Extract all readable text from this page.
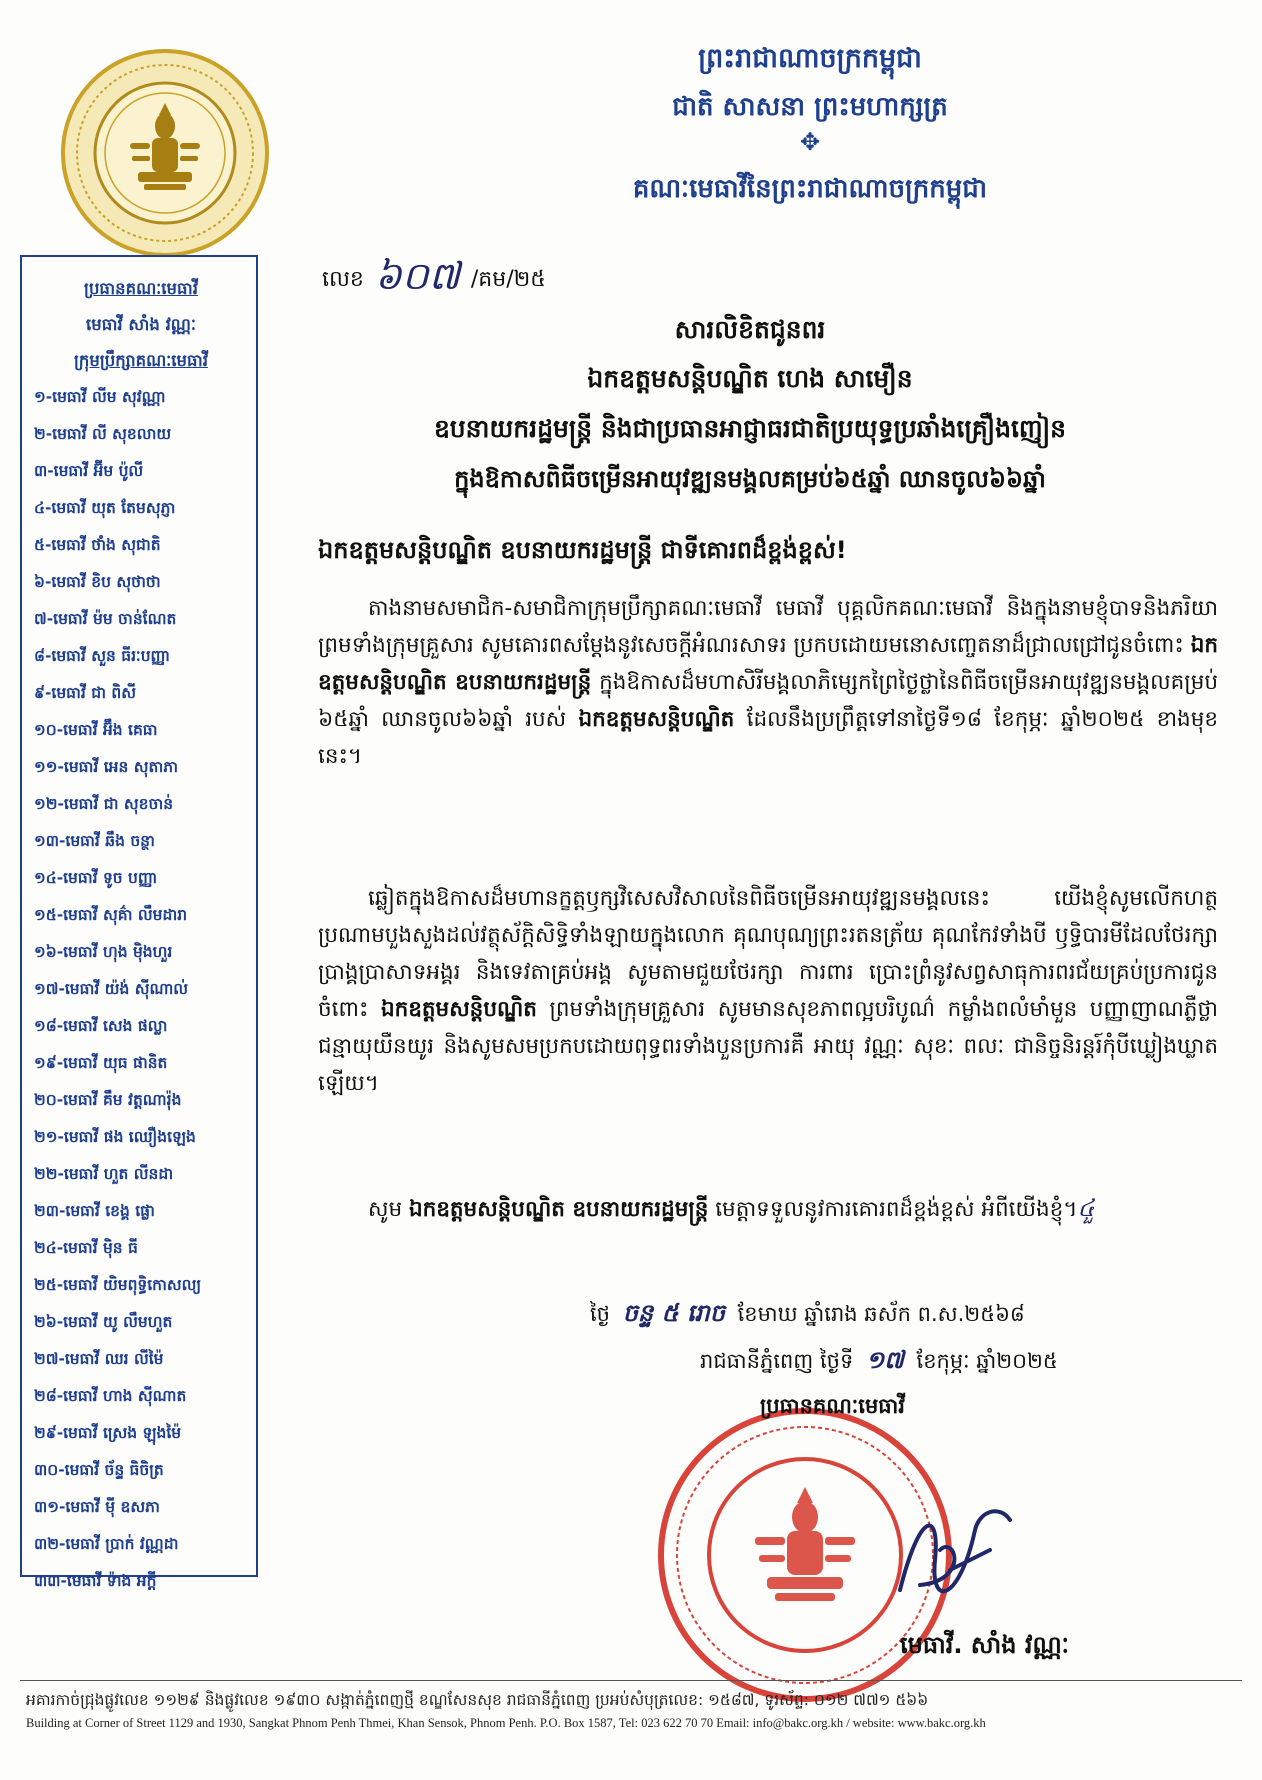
ព្រះរាជាណាចក្រកម្ពុជា
ជាតិ សាសនា ព្រះមហាក្សត្រ
✥
គណៈមេធាវីនៃព្រះរាជាណាចក្រកម្ពុជា
ប្រធានគណៈមេធាវី
មេធាវី សាំង វណ្ណៈ
ក្រុមប្រឹក្សាគណៈមេធាវី
១-មេធាវី លីម សុវណ្ណា
២-មេធាវី លី សុខលាយ
៣-មេធាវី អ៊ីម ប៉ូលី
៤-មេធាវី យុត តែមសុភ្ញា
៥-មេធាវី ថាំង សុជាតិ
៦-មេធាវី ខិប សុថាថា
៧-មេធាវី ម៉ម ចាន់ណែត
៨-មេធាវី សួន ធីរៈបញ្ញា
៩-មេធាវី ជា ពិសី
១០-មេធាវី អ៊ឹង គេធា
១១-មេធាវី អេន សុតាភា
១២-មេធាវី ជា សុខចាន់
១៣-មេធាវី ឆឹង ចន្ថា
១៤-មេធាវី ទូច បញ្ញា
១៥-មេធាវី សុគ៌ា លឹមដារា
១៦-មេធាវី ហុង ម៉ិងហួរ
១៧-មេធាវី យ៉ង់ ស៊ីណាល់
១៨-មេធាវី សេង ផល្លា
១៩-មេធាវី យុធ ផានិត
២០-មេធាវី គឹម វត្តណារ៉ុង
២១-មេធាវី ផង ឈឿងឡេង
២២-មេធាវី ហួត លីនដា
២៣-មេធាវី ខេង្គ ផ្លោ
២៤-មេធាវី ម៉ិន ធី
២៥-មេធាវី យិមពុទ្ធិកោសល្យ
២៦-មេធាវី យូ លឹមហួត
២៧-មេធាវី ឈរ លីម៉ៃ
២៨-មេធាវី ហាង ស៊ីណាត
២៩-មេធាវី ស្រេង ឡុងម៉ៃ
៣០-មេធាវី ច័ន្ទ ធិចិត្រ
៣១-មេធាវី ម៉ី ឧសភា
៣២-មេធាវី ប្រាក់ វណ្ណដា
៣៣-មេធាវី ទ៉ាង អក្តី
លេខ ៦០៧ /គម/២៥
សារលិខិតជូនពរ
ឯកឧត្តមសន្តិបណ្ឌិត ហេង សាមឿន
ឧបនាយករដ្ឋមន្ត្រី និងជាប្រធានអាជ្ញាធរជាតិប្រយុទ្ធប្រឆាំងគ្រឿងញៀន
ក្នុងឱកាសពិធីចម្រើនអាយុវឌ្ឍនមង្គលគម្រប់៦៥ឆ្នាំ ឈានចូល៦៦ឆ្នាំ
ឯកឧត្តមសន្តិបណ្ឌិត ឧបនាយករដ្ឋមន្ត្រី ជាទីគោរពដ៏ខ្ពង់ខ្ពស់!
តាងនាមសមាជិក-សមាជិកាក្រុមប្រឹក្សាគណៈមេធាវី មេធាវី បុគ្គលិកគណៈមេធាវី និងក្នុងនាមខ្ញុំបាទនិងភរិយា ព្រមទាំងក្រុមគ្រួសារ សូមគោរពសម្តែងនូវសេចក្តីអំណរសាទរ ប្រកបដោយមនោសញ្ចេតនាដ៏ជ្រាលជ្រៅជូនចំពោះ ឯកឧត្តមសន្តិបណ្ឌិត ឧបនាយករដ្ឋមន្ត្រី ក្នុងឱកាសដ៏មហាសិរីមង្គលាភិម្សេកព្រៃថ្ងៃថ្លានៃពិធីចម្រើនអាយុវឌ្ឍនមង្គលគម្រប់ ៦៥ឆ្នាំ ឈានចូល៦៦ឆ្នាំ របស់ ឯកឧត្តមសន្តិបណ្ឌិត ដែលនឹងប្រព្រឹត្តទៅនាថ្ងៃទី១៨ ខែកុម្ភៈ ឆ្នាំ២០២៥ ខាងមុខនេះ។
ឆ្លៀតក្នុងឱកាសដ៏មហានក្ខត្តឫក្សវិសេសវិសាលនៃពិធីចម្រើនអាយុវឌ្ឍនមង្គលនេះ យើងខ្ញុំសូមលើកហត្ថប្រណាមបួងសួងដល់វត្ថុស័ក្តិសិទ្ធិទាំងឡាយក្នុងលោក គុណបុណ្យព្រះរតនត្រ័យ គុណកែវទាំងបី ឫទ្ធិបារមីដែលថែរក្សាប្រាង្គប្រាសាទអង្គរ និងទេវតាគ្រប់អង្គ សូមតាមជួយថែរក្សា ការពារ ប្រោះព្រំនូវសព្វសាធុការពរជ័យគ្រប់ប្រការជូនចំពោះ ឯកឧត្តមសន្តិបណ្ឌិត ព្រមទាំងក្រុមគ្រួសារ សូមមានសុខភាពល្អបរិបូណ៌ កម្លាំងពលំមាំមួន បញ្ញាញាណភ្លឺថ្លា ជន្មាយុយឺនយូរ និងសូមសមប្រកបដោយពុទ្ធពរទាំងបួនប្រការគឺ អាយុ វណ្ណៈ សុខៈ ពលៈ ជានិច្ចនិរន្តរ៍កុំបីឃ្លៀងឃ្លាតឡើយ។
សូម ឯកឧត្តមសន្តិបណ្ឌិត ឧបនាយករដ្ឋមន្ត្រី មេត្តាទទួលនូវការគោរពដ៏ខ្ពង់ខ្ពស់ អំពីយើងខ្ញុំ។៤ួ
ថ្ងៃ ចន្ទ ៥ រោច ខែមាឃ ឆ្នាំរោង ឆស័ក ព.ស.២៥៦៨
រាជធានីភ្នំពេញ ថ្ងៃទី ១៧ ខែកុម្ភៈ ឆ្នាំ២០២៥
ប្រធានគណៈមេធាវី
មេធាវី. សាំង វណ្ណៈ
អគារកាច់ជ្រុងផ្លូវលេខ ១១២៩ និងផ្លូវលេខ ១៩៣០ សង្កាត់ភ្នំពេញថ្មី ខណ្ឌសែនសុខ រាជធានីភ្នំពេញ ប្រអប់សំបុត្រលេខ: ១៥៨៧, ទូរស័ព្ទ: ០១២ ៧៧១ ៥៦៦
Building at Corner of Street 1129 and 1930, Sangkat Phnom Penh Thmei, Khan Sensok, Phnom Penh. P.O. Box 1587, Tel: 023 622 70 70 Email: info@bakc.org.kh / website: www.bakc.org.kh
